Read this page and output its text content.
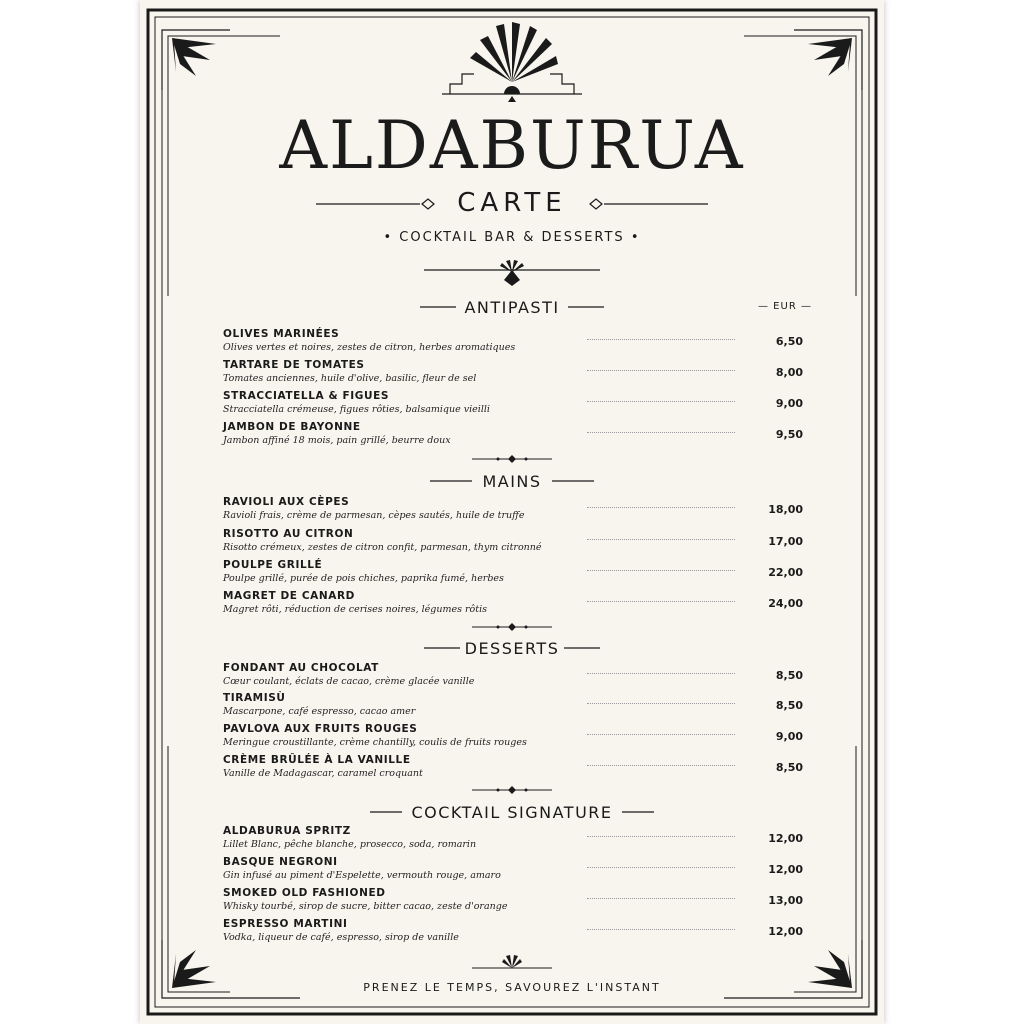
ALDABURUA
CARTE
• COCKTAIL BAR & DESSERTS •
ANTIPASTI	— EUR —
OLIVES MARINÉES
Olives vertes et noires, zestes de citron, herbes aromatiques	6,50
TARTARE DE TOMATES
Tomates anciennes, huile d'olive, basilic, fleur de sel	8,00
STRACCIATELLA & FIGUES
Stracciatella crémeuse, figues rôties, balsamique vieilli	9,00
JAMBON DE BAYONNE
Jambon affiné 18 mois, pain grillé, beurre doux	9,50
MAINS
RAVIOLI AUX CÈPES
Ravioli frais, crème de parmesan, cèpes sautés, huile de truffe	18,00
RISOTTO AU CITRON
Risotto crémeux, zestes de citron confit, parmesan, thym citronné	17,00
POULPE GRILLÉ
Poulpe grillé, purée de pois chiches, paprika fumé, herbes	22,00
MAGRET DE CANARD
Magret rôti, réduction de cerises noires, légumes rôtis	24,00
DESSERTS
FONDANT AU CHOCOLAT
Cœur coulant, éclats de cacao, crème glacée vanille	8,50
TIRAMISÙ
Mascarpone, café espresso, cacao amer	8,50
PAVLOVA AUX FRUITS ROUGES
Meringue croustillante, crème chantilly, coulis de fruits rouges	9,00
CRÈME BRÛLÉE À LA VANILLE
Vanille de Madagascar, caramel croquant	8,50
COCKTAIL SIGNATURE
ALDABURUA SPRITZ
Lillet Blanc, pêche blanche, prosecco, soda, romarin	12,00
BASQUE NEGRONI
Gin infusé au piment d'Espelette, vermouth rouge, amaro	12,00
SMOKED OLD FASHIONED
Whisky tourbé, sirop de sucre, bitter cacao, zeste d'orange	13,00
ESPRESSO MARTINI
Vodka, liqueur de café, espresso, sirop de vanille	12,00
PRENEZ LE TEMPS, SAVOUREZ L'INSTANT
